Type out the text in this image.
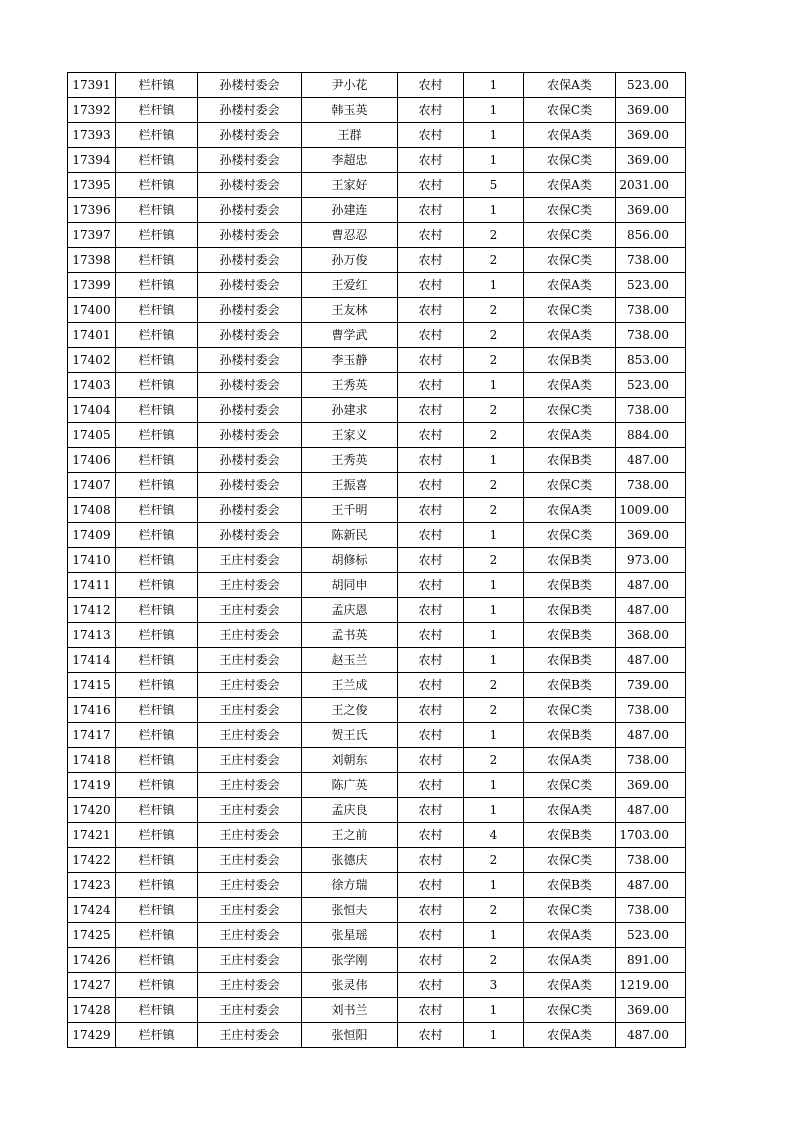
17391	栏杆镇	孙楼村委会	尹小花	农村	1	农保A类	523.00
17392	栏杆镇	孙楼村委会	韩玉英	农村	1	农保C类	369.00
17393	栏杆镇	孙楼村委会	王群	农村	1	农保A类	369.00
17394	栏杆镇	孙楼村委会	李超忠	农村	1	农保C类	369.00
17395	栏杆镇	孙楼村委会	王家好	农村	5	农保A类	2031.00
17396	栏杆镇	孙楼村委会	孙建连	农村	1	农保C类	369.00
17397	栏杆镇	孙楼村委会	曹忍忍	农村	2	农保C类	856.00
17398	栏杆镇	孙楼村委会	孙万俊	农村	2	农保C类	738.00
17399	栏杆镇	孙楼村委会	王爱红	农村	1	农保A类	523.00
17400	栏杆镇	孙楼村委会	王友林	农村	2	农保C类	738.00
17401	栏杆镇	孙楼村委会	曹学武	农村	2	农保A类	738.00
17402	栏杆镇	孙楼村委会	李玉静	农村	2	农保B类	853.00
17403	栏杆镇	孙楼村委会	王秀英	农村	1	农保A类	523.00
17404	栏杆镇	孙楼村委会	孙建求	农村	2	农保C类	738.00
17405	栏杆镇	孙楼村委会	王家义	农村	2	农保A类	884.00
17406	栏杆镇	孙楼村委会	王秀英	农村	1	农保B类	487.00
17407	栏杆镇	孙楼村委会	王振喜	农村	2	农保C类	738.00
17408	栏杆镇	孙楼村委会	王千明	农村	2	农保A类	1009.00
17409	栏杆镇	孙楼村委会	陈新民	农村	1	农保C类	369.00
17410	栏杆镇	王庄村委会	胡修标	农村	2	农保B类	973.00
17411	栏杆镇	王庄村委会	胡同申	农村	1	农保B类	487.00
17412	栏杆镇	王庄村委会	孟庆恩	农村	1	农保B类	487.00
17413	栏杆镇	王庄村委会	孟书英	农村	1	农保B类	368.00
17414	栏杆镇	王庄村委会	赵玉兰	农村	1	农保B类	487.00
17415	栏杆镇	王庄村委会	王兰成	农村	2	农保B类	739.00
17416	栏杆镇	王庄村委会	王之俊	农村	2	农保C类	738.00
17417	栏杆镇	王庄村委会	贺王氏	农村	1	农保B类	487.00
17418	栏杆镇	王庄村委会	刘朝东	农村	2	农保A类	738.00
17419	栏杆镇	王庄村委会	陈广英	农村	1	农保C类	369.00
17420	栏杆镇	王庄村委会	孟庆良	农村	1	农保A类	487.00
17421	栏杆镇	王庄村委会	王之前	农村	4	农保B类	1703.00
17422	栏杆镇	王庄村委会	张德庆	农村	2	农保C类	738.00
17423	栏杆镇	王庄村委会	徐方瑞	农村	1	农保B类	487.00
17424	栏杆镇	王庄村委会	张恒夫	农村	2	农保C类	738.00
17425	栏杆镇	王庄村委会	张星瑶	农村	1	农保A类	523.00
17426	栏杆镇	王庄村委会	张学刚	农村	2	农保A类	891.00
17427	栏杆镇	王庄村委会	张灵伟	农村	3	农保A类	1219.00
17428	栏杆镇	王庄村委会	刘书兰	农村	1	农保C类	369.00
17429	栏杆镇	王庄村委会	张恒阳	农村	1	农保A类	487.00
